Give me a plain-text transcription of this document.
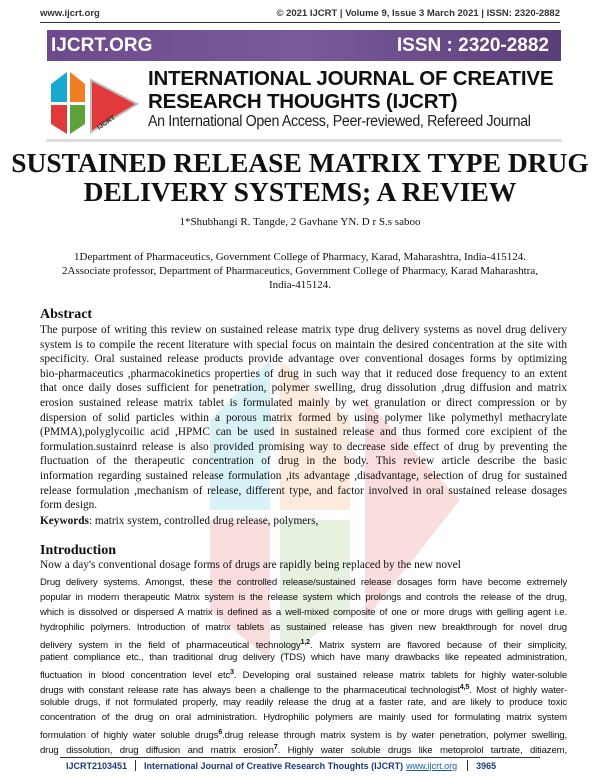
www.ijcrt.org	© 2021 IJCRT | Volume 9, Issue 3 March 2021 | ISSN: 2320-2882
IJCRT.ORG	ISSN : 2320-2882
IJCRT
INTERNATIONAL JOURNAL OF CREATIVE
RESEARCH THOUGHTS (IJCRT)
An International Open Access, Peer-reviewed, Refereed Journal
SUSTAINED RELEASE MATRIX TYPE DRUG
DELIVERY SYSTEMS; A REVIEW
1*Shubhangi R. Tangde, 2 Gavhane YN. D r S.s saboo
1Department of Pharmaceutics, Government College of Pharmacy, Karad, Maharashtra, India-415124.
2Associate professor, Department of Pharmaceutics, Government College of Pharmacy, Karad Maharashtra,
India-415124.
Abstract
The purpose of writing this review on sustained release matrix type drug delivery systems as novel drug delivery
system is to compile the recent literature with special focus on maintain the desired concentration at the site with
specificity. Oral sustained release products provide advantage over conventional dosages forms by optimizing
bio-pharmaceutics ,pharmacokinetics properties of drug in such way that it reduced dose frequency to an extent
that once daily doses sufficient for penetration, polymer swelling, drug dissolution ,drug diffusion and matrix
erosion sustained release matrix tablet is formulated mainly by wet granulation or direct compression or by
dispersion of solid particles within a porous matrix formed by using polymer like polymethyl methacrylate
(PMMA),polyglycoilic acid ,HPMC can be used in sustained release and thus formed core excipient of the
formulation.sustainrd release is also provided promising way to decrease side effect of drug by preventing the
fluctuation of the therapeutic concentration of drug in the body. This review article describe the basic
information regarding sustained release formulation ,its advantage ,disadvantage, selection of drug for sustained
release formulation ,mechanism of release, different type, and factor involved in oral sustained release dosages
form design.
Keywords: matrix system, controlled drug release, polymers,
Introduction
Now a day's conventional dosage forms of drugs are rapidly being replaced by the new novel
Drug delivery systems. Amongst, these the controlled release/sustained release dosages form have become extremely
popular in modern therapeutic Matrix system is the release system which prolongs and controls the release of the drug,
which is dissolved or dispersed A matrix is defined as a well-mixed composite of one or more drugs with gelling agent i.e.
hydrophilic polymers. Introduction of matrix tablets as sustained release has given new breakthrough for novel drug
delivery system in the field of pharmaceutical technology$^{1,2}$. Matrix system are flavored because of their simplicity,
patient compliance etc., than traditional drug delivery (TDS) which have many drawbacks like repeated administration,
fluctuation in blood concentration level etc$^3$. Developing oral sustained release matrix tablets for highly water-soluble
drugs with constant release rate has always been a challenge to the pharmaceutical technologist$^{4,5}$. Most of highly water-
soluble drugs, if not formulated properly, may readily release the drug at a faster rate, and are likely to produce toxic
concentration of the drug on oral administration. Hydrophilic polymers are mainly used for formulating matrix system
formulation of highly water soluble drugs$^6$.drug release through matrix system is by water penetration, polymer swelling,
drug dissolution, drug diffusion and matrix erosion$^7$. Highly water soluble drugs like metoprolol tartrate, ditiazem,
IJCRT2103451	International Journal of Creative Research Thoughts (IJCRT) www.ijcrt.org	3965
